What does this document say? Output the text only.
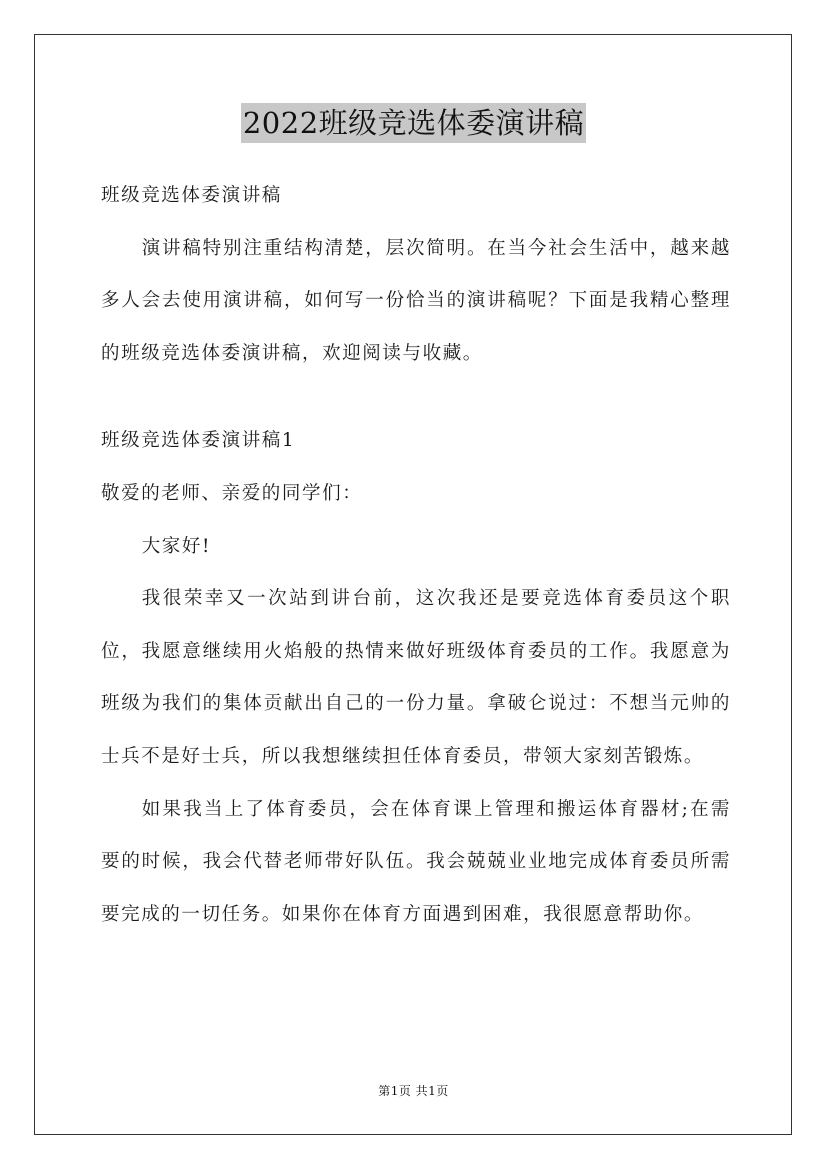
2022班级竞选体委演讲稿
班级竞选体委演讲稿

演讲稿特别注重结构清楚，层次简明。在当今社会生活中，越来越多人会去使用演讲稿，如何写一份恰当的演讲稿呢？下面是我精心整理的班级竞选体委演讲稿，欢迎阅读与收藏。

班级竞选体委演讲稿1
敬爱的老师、亲爱的同学们：
大家好!

我很荣幸又一次站到讲台前，这次我还是要竞选体育委员这个职位，我愿意继续用火焰般的热情来做好班级体育委员的工作。我愿意为班级为我们的集体贡献出自己的一份力量。拿破仑说过：不想当元帅的士兵不是好士兵，所以我想继续担任体育委员，带领大家刻苦锻炼。

如果我当上了体育委员，会在体育课上管理和搬运体育器材;在需要的时候，我会代替老师带好队伍。我会兢兢业业地完成体育委员所需要完成的一切任务。如果你在体育方面遇到困难，我很愿意帮助你。

第1页 共1页
